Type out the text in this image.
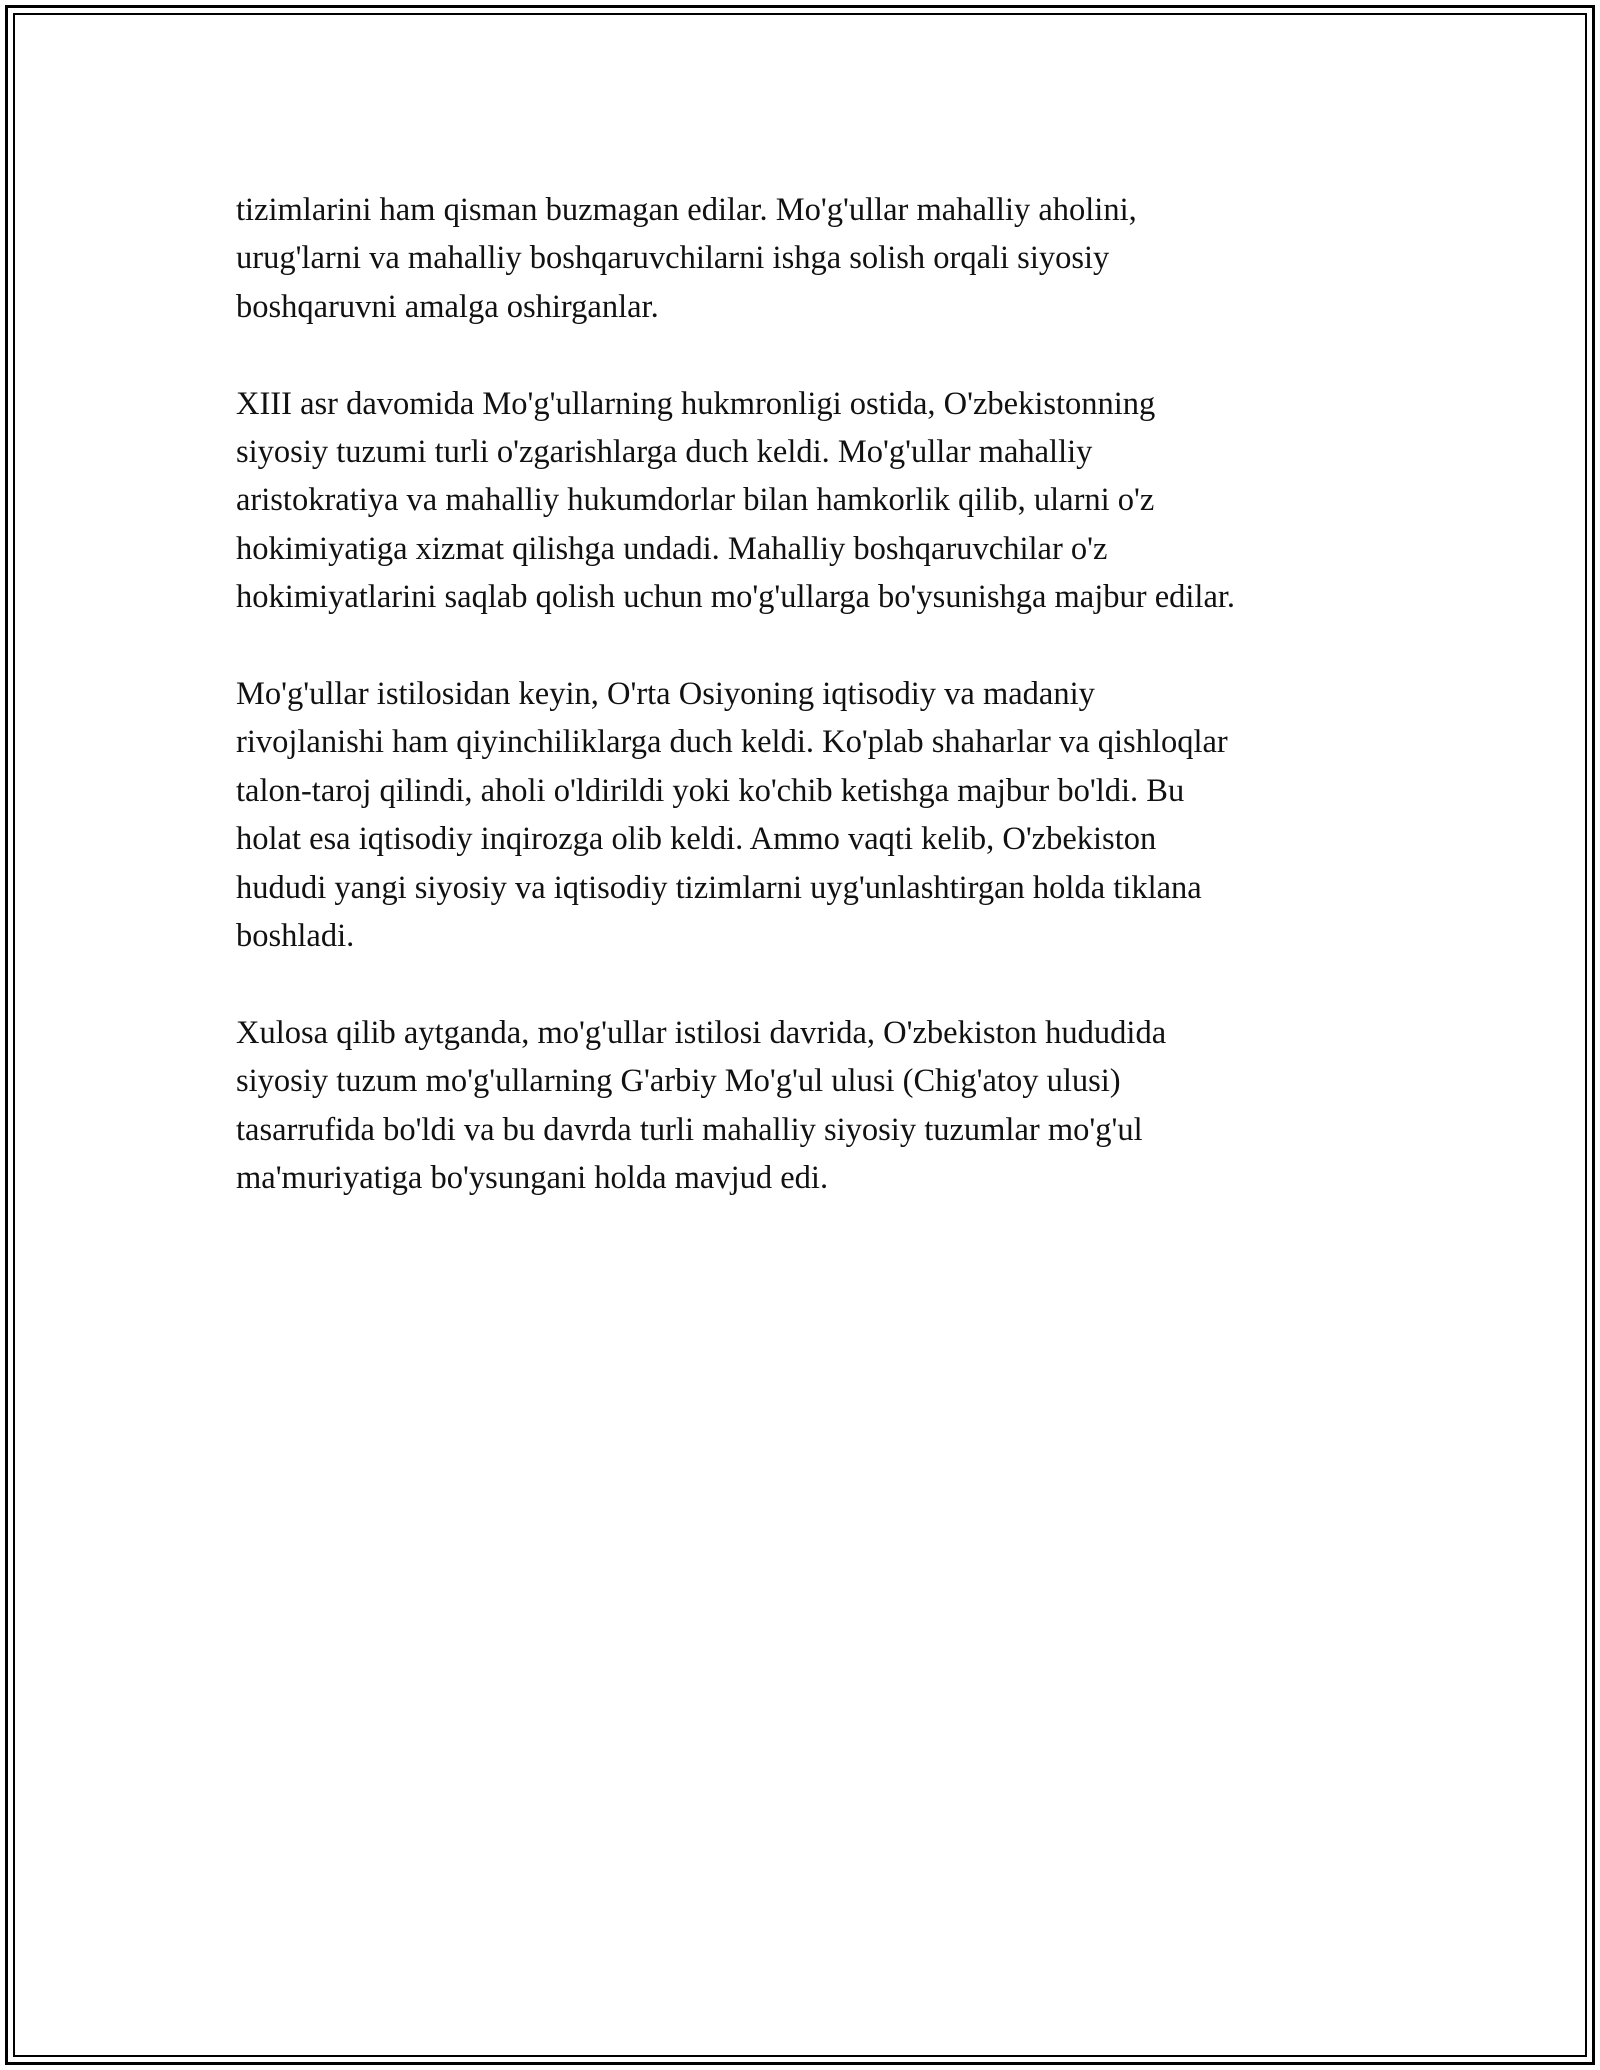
tizimlarini ham qisman buzmagan edilar. Mo'g'ullar mahalliy aholini,

urug'larni va mahalliy boshqaruvchilarni ishga solish orqali siyosiy

boshqaruvni amalga oshirganlar.

XIII asr davomida Mo'g'ullarning hukmronligi ostida, O'zbekistonning

siyosiy tuzumi turli o'zgarishlarga duch keldi. Mo'g'ullar mahalliy

aristokratiya va mahalliy hukumdorlar bilan hamkorlik qilib, ularni o'z

hokimiyatiga xizmat qilishga undadi. Mahalliy boshqaruvchilar o'z

hokimiyatlarini saqlab qolish uchun mo'g'ullarga bo'ysunishga majbur edilar.

Mo'g'ullar istilosidan keyin, O'rta Osiyoning iqtisodiy va madaniy

rivojlanishi ham qiyinchiliklarga duch keldi. Ko'plab shaharlar va qishloqlar

talon-taroj qilindi, aholi o'ldirildi yoki ko'chib ketishga majbur bo'ldi. Bu

holat esa iqtisodiy inqirozga olib keldi. Ammo vaqti kelib, O'zbekiston

hududi yangi siyosiy va iqtisodiy tizimlarni uyg'unlashtirgan holda tiklana

boshladi.

Xulosa qilib aytganda, mo'g'ullar istilosi davrida, O'zbekiston hududida

siyosiy tuzum mo'g'ullarning G'arbiy Mo'g'ul ulusi (Chig'atoy ulusi)

tasarrufida bo'ldi va bu davrda turli mahalliy siyosiy tuzumlar mo'g'ul

ma'muriyatiga bo'ysungani holda mavjud edi.
